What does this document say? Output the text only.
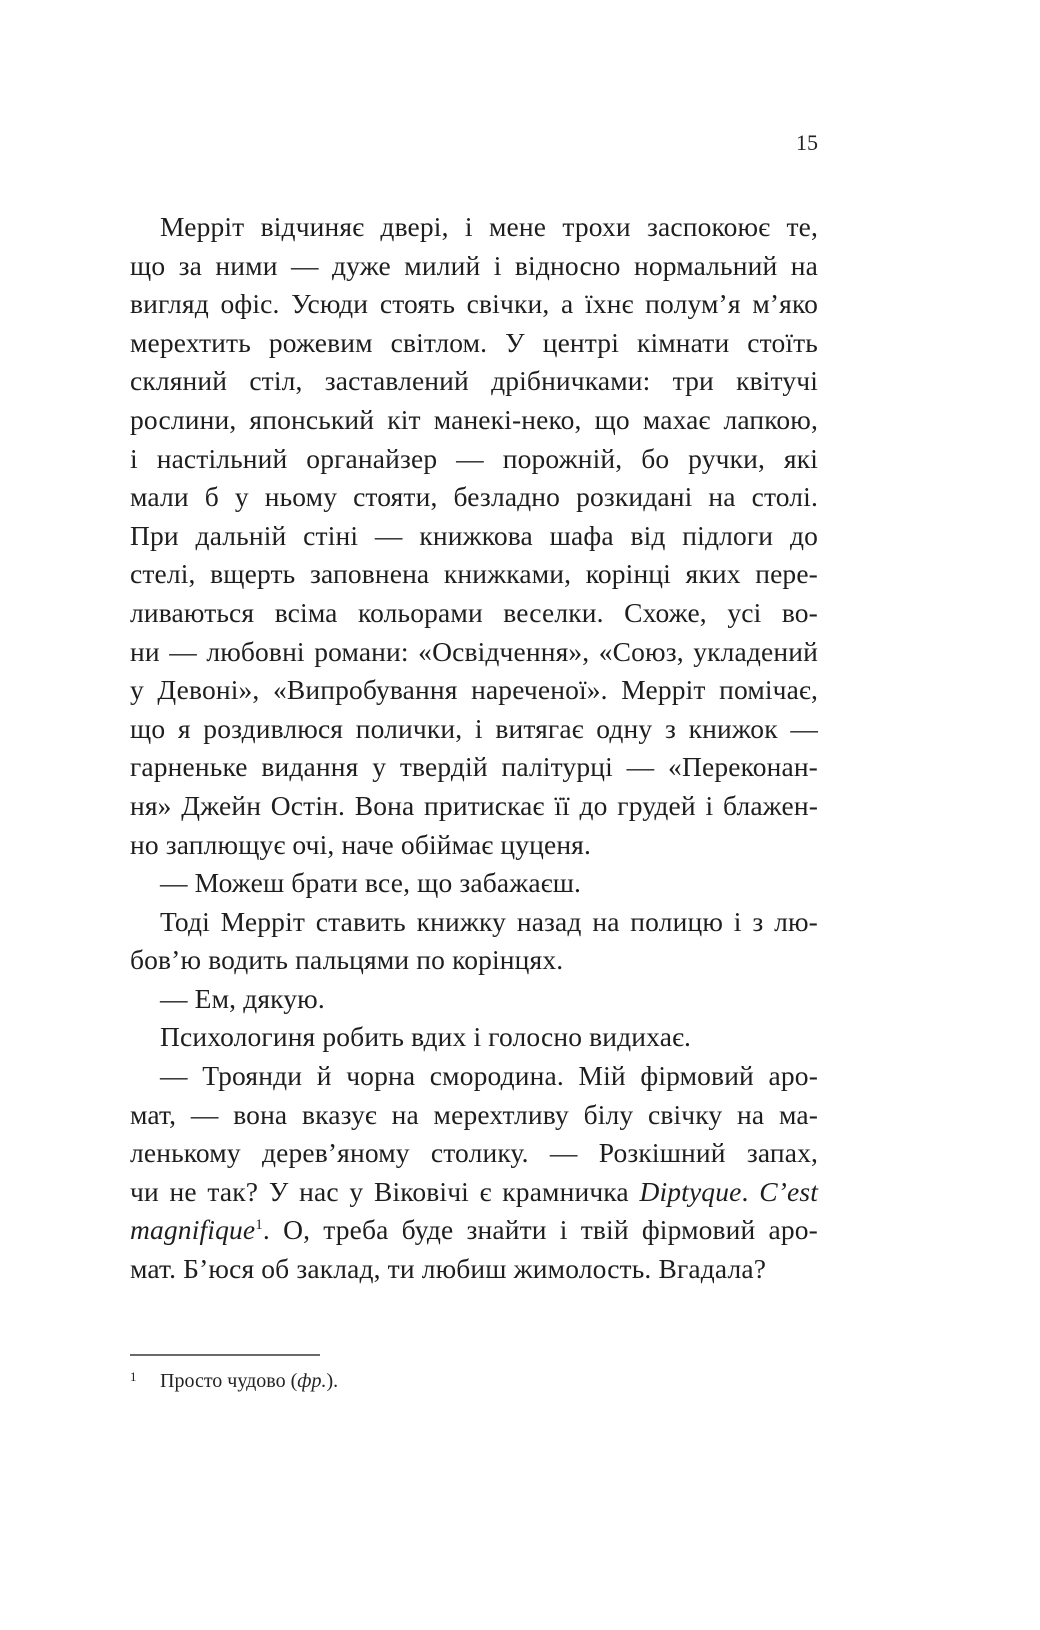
15
Мерріт відчиняє двері, і мене трохи заспокоює те,
що за ними — дуже милий і відносно нормальний на
вигляд офіс. Усюди стоять свічки, а їхнє полум’я м’яко
мерехтить рожевим світлом. У центрі кімнати стоїть
скляний стіл, заставлений дрібничками: три квітучі
рослини, японський кіт манекі-неко, що махає лапкою,
і настільний органайзер — порожній, бо ручки, які
мали б у ньому стояти, безладно розкидані на столі.
При дальній стіні — книжкова шафа від підлоги до
стелі, вщерть заповнена книжками, корінці яких пере-
ливаються всіма кольорами веселки. Схоже, усі во-
ни — любовні романи: «Освідчення», «Союз, укладений
у Девоні», «Випробування нареченої». Мерріт помічає,
що я роздивлюся полички, і витягає одну з книжок —
гарненьке видання у твердій палітурці — «Переконан-
ня» Джейн Остін. Вона притискає її до грудей і блажен-
но заплющує очі, наче обіймає цуценя.
— Можеш брати все, що забажаєш.
Тоді Мерріт ставить книжку назад на полицю і з лю-
бов’ю водить пальцями по корінцях.
— Ем, дякую.
Психологиня робить вдих і голосно видихає.
— Троянди й чорна смородина. Мій фірмовий аро-
мат, — вона вказує на мерехтливу білу свічку на ма-
ленькому дерев’яному столику. — Розкішний запах,
чи не так? У нас у Віковічі є крамничка Diptyque. C’est
magnifique$^1$. О, треба буде знайти і твій фірмовий аро-
мат. Б’юся об заклад, ти любиш жимолость. Вгадала?
1 Просто чудово (фр.).
